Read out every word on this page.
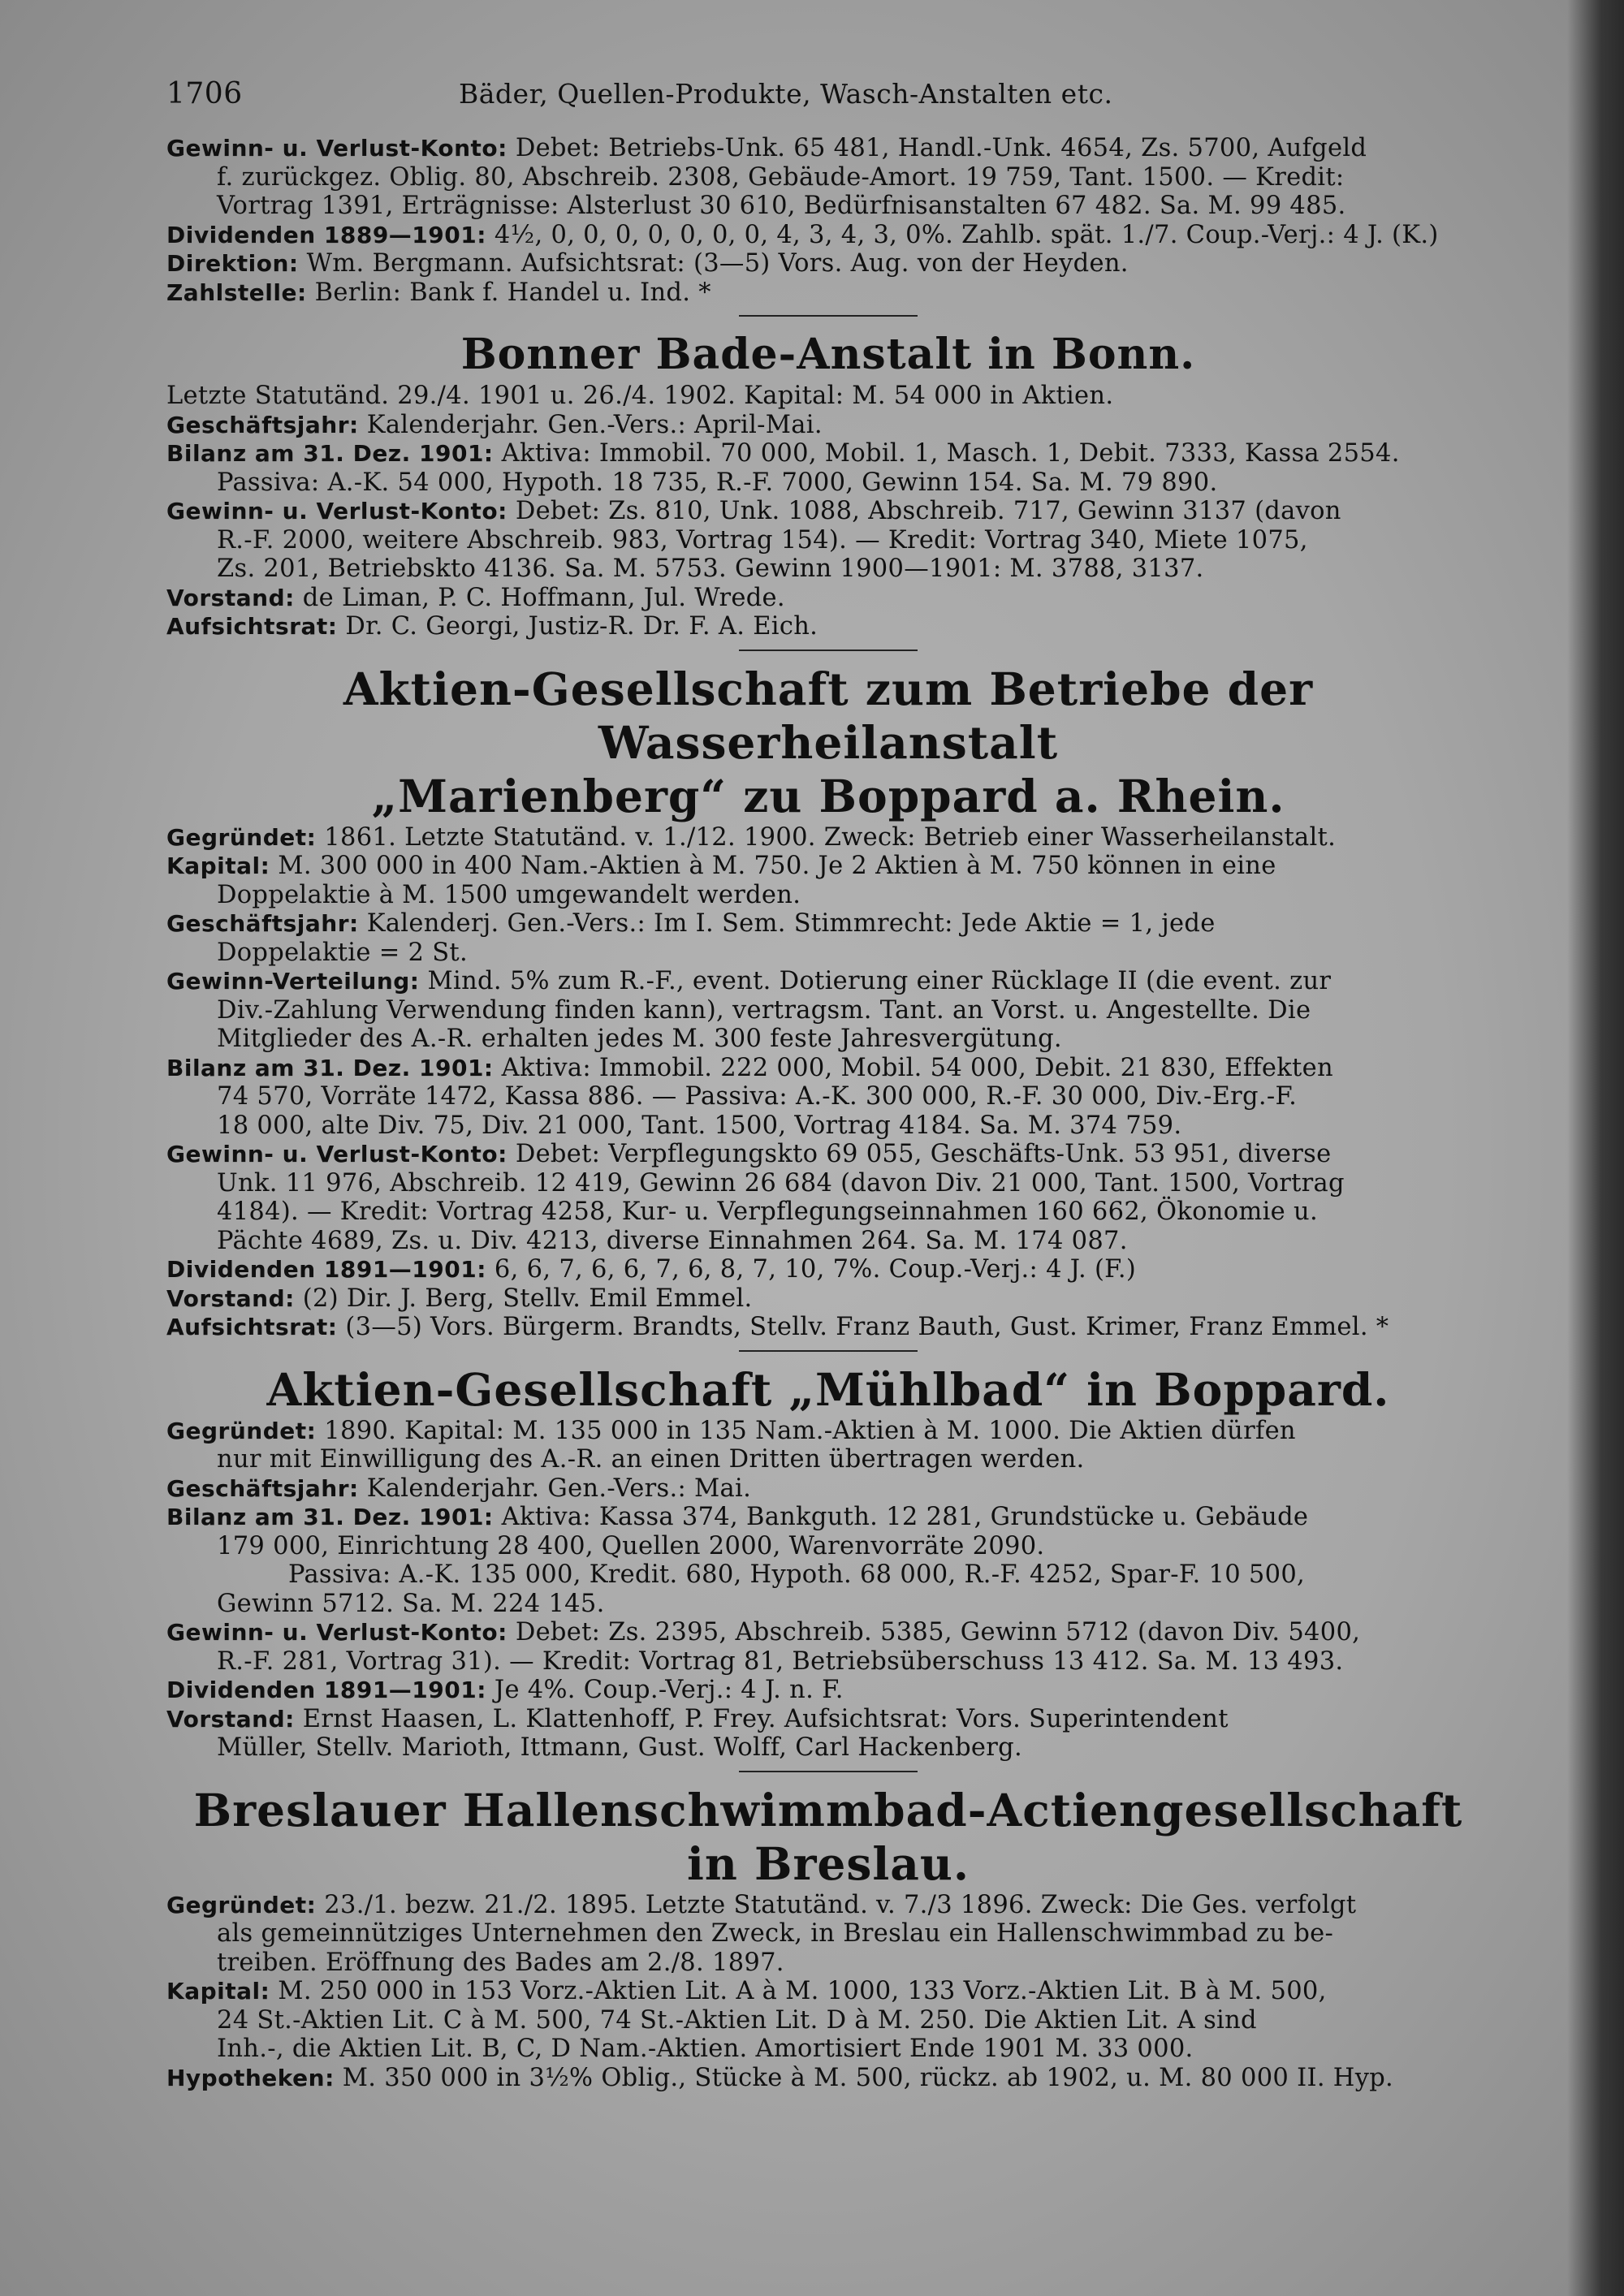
1706	Bäder, Quellen-Produkte, Wasch-Anstalten etc.

Gewinn- u. Verlust-Konto: Debet: Betriebs-Unk. 65 481, Handl.-Unk. 4654, Zs. 5700, Aufgeld

f. zurückgez. Oblig. 80, Abschreib. 2308, Gebäude-Amort. 19 759, Tant. 1500. — Kredit:

Vortrag 1391, Erträgnisse: Alsterlust 30 610, Bedürfnisanstalten 67 482. Sa. M. 99 485.

Dividenden 1889—1901: 4½, 0, 0, 0, 0, 0, 0, 0, 4, 3, 4, 3, 0%. Zahlb. spät. 1./7. Coup.-Verj.: 4 J. (K.)

Direktion: Wm. Bergmann. Aufsichtsrat: (3—5) Vors. Aug. von der Heyden.

Zahlstelle: Berlin: Bank f. Handel u. Ind. *

Bonner Bade-Anstalt in Bonn.

Letzte Statutänd. 29./4. 1901 u. 26./4. 1902. Kapital: M. 54 000 in Aktien.

Geschäftsjahr: Kalenderjahr. Gen.-Vers.: April-Mai.

Bilanz am 31. Dez. 1901: Aktiva: Immobil. 70 000, Mobil. 1, Masch. 1, Debit. 7333, Kassa 2554.

Passiva: A.-K. 54 000, Hypoth. 18 735, R.-F. 7000, Gewinn 154. Sa. M. 79 890.

Gewinn- u. Verlust-Konto: Debet: Zs. 810, Unk. 1088, Abschreib. 717, Gewinn 3137 (davon

R.-F. 2000, weitere Abschreib. 983, Vortrag 154). — Kredit: Vortrag 340, Miete 1075,

Zs. 201, Betriebskto 4136. Sa. M. 5753. Gewinn 1900—1901: M. 3788, 3137.

Vorstand: de Liman, P. C. Hoffmann, Jul. Wrede.

Aufsichtsrat: Dr. C. Georgi, Justiz-R. Dr. F. A. Eich.

Aktien-Gesellschaft zum Betriebe der Wasserheilanstalt
„Marienberg“ zu Boppard a. Rhein.

Gegründet: 1861. Letzte Statutänd. v. 1./12. 1900. Zweck: Betrieb einer Wasserheilanstalt.

Kapital: M. 300 000 in 400 Nam.-Aktien à M. 750. Je 2 Aktien à M. 750 können in eine

Doppelaktie à M. 1500 umgewandelt werden.

Geschäftsjahr: Kalenderj. Gen.-Vers.: Im I. Sem. Stimmrecht: Jede Aktie = 1, jede

Doppelaktie = 2 St.

Gewinn-Verteilung: Mind. 5% zum R.-F., event. Dotierung einer Rücklage II (die event. zur

Div.-Zahlung Verwendung finden kann), vertragsm. Tant. an Vorst. u. Angestellte. Die

Mitglieder des A.-R. erhalten jedes M. 300 feste Jahresvergütung.

Bilanz am 31. Dez. 1901: Aktiva: Immobil. 222 000, Mobil. 54 000, Debit. 21 830, Effekten

74 570, Vorräte 1472, Kassa 886. — Passiva: A.-K. 300 000, R.-F. 30 000, Div.-Erg.-F.

18 000, alte Div. 75, Div. 21 000, Tant. 1500, Vortrag 4184. Sa. M. 374 759.

Gewinn- u. Verlust-Konto: Debet: Verpflegungskto 69 055, Geschäfts-Unk. 53 951, diverse

Unk. 11 976, Abschreib. 12 419, Gewinn 26 684 (davon Div. 21 000, Tant. 1500, Vortrag

4184). — Kredit: Vortrag 4258, Kur- u. Verpflegungseinnahmen 160 662, Ökonomie u.

Pächte 4689, Zs. u. Div. 4213, diverse Einnahmen 264. Sa. M. 174 087.

Dividenden 1891—1901: 6, 6, 7, 6, 6, 7, 6, 8, 7, 10, 7%. Coup.-Verj.: 4 J. (F.)

Vorstand: (2) Dir. J. Berg, Stellv. Emil Emmel.

Aufsichtsrat: (3—5) Vors. Bürgerm. Brandts, Stellv. Franz Bauth, Gust. Krimer, Franz Emmel. *

Aktien-Gesellschaft „Mühlbad“ in Boppard.

Gegründet: 1890. Kapital: M. 135 000 in 135 Nam.-Aktien à M. 1000. Die Aktien dürfen

nur mit Einwilligung des A.-R. an einen Dritten übertragen werden.

Geschäftsjahr: Kalenderjahr. Gen.-Vers.: Mai.

Bilanz am 31. Dez. 1901: Aktiva: Kassa 374, Bankguth. 12 281, Grundstücke u. Gebäude

179 000, Einrichtung 28 400, Quellen 2000, Warenvorräte 2090.

Passiva: A.-K. 135 000, Kredit. 680, Hypoth. 68 000, R.-F. 4252, Spar-F. 10 500,

Gewinn 5712. Sa. M. 224 145.

Gewinn- u. Verlust-Konto: Debet: Zs. 2395, Abschreib. 5385, Gewinn 5712 (davon Div. 5400,

R.-F. 281, Vortrag 31). — Kredit: Vortrag 81, Betriebsüberschuss 13 412. Sa. M. 13 493.

Dividenden 1891—1901: Je 4%. Coup.-Verj.: 4 J. n. F.

Vorstand: Ernst Haasen, L. Klattenhoff, P. Frey. Aufsichtsrat: Vors. Superintendent

Müller, Stellv. Marioth, Ittmann, Gust. Wolff, Carl Hackenberg.

Breslauer Hallenschwimmbad-Actiengesellschaft in Breslau.

Gegründet: 23./1. bezw. 21./2. 1895. Letzte Statutänd. v. 7./3 1896. Zweck: Die Ges. verfolgt

als gemeinnütziges Unternehmen den Zweck, in Breslau ein Hallenschwimmbad zu be-

treiben. Eröffnung des Bades am 2./8. 1897.

Kapital: M. 250 000 in 153 Vorz.-Aktien Lit. A à M. 1000, 133 Vorz.-Aktien Lit. B à M. 500,

24 St.-Aktien Lit. C à M. 500, 74 St.-Aktien Lit. D à M. 250. Die Aktien Lit. A sind

Inh.-, die Aktien Lit. B, C, D Nam.-Aktien. Amortisiert Ende 1901 M. 33 000.

Hypotheken: M. 350 000 in 3½% Oblig., Stücke à M. 500, rückz. ab 1902, u. M. 80 000 II. Hyp.
